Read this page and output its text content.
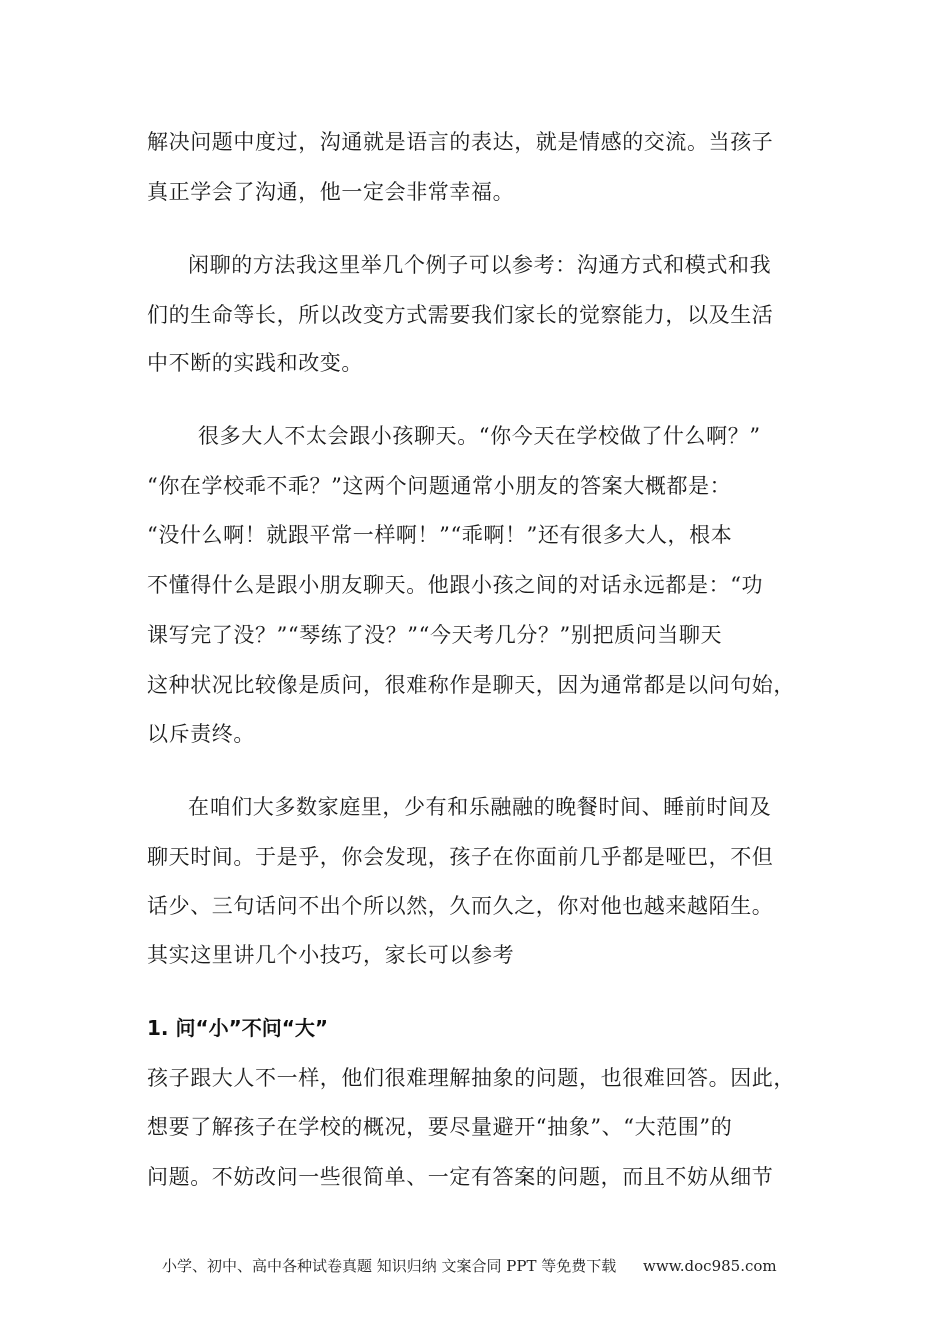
解决问题中度过，沟通就是语言的表达，就是情感的交流。当孩子
真正学会了沟通，他一定会非常幸福。
闲聊的方法我这里举几个例子可以参考：沟通方式和模式和我
们的生命等长，所以改变方式需要我们家长的觉察能力，以及生活
中不断的实践和改变。
很多大人不太会跟小孩聊天。“你今天在学校做了什么啊？”
“你在学校乖不乖？”这两个问题通常小朋友的答案大概都是：
“没什么啊！就跟平常一样啊！”“乖啊！”还有很多大人，根本
不懂得什么是跟小朋友聊天。他跟小孩之间的对话永远都是：“功
课写完了没？”“琴练了没？”“今天考几分？”别把质问当聊天
这种状况比较像是质问，很难称作是聊天，因为通常都是以问句始，
以斥责终。
在咱们大多数家庭里，少有和乐融融的晚餐时间、睡前时间及
聊天时间。于是乎，你会发现，孩子在你面前几乎都是哑巴，不但
话少、三句话问不出个所以然，久而久之，你对他也越来越陌生。
其实这里讲几个小技巧，家长可以参考
1. 问“小”不问“大”
孩子跟大人不一样，他们很难理解抽象的问题，也很难回答。因此，
想要了解孩子在学校的概况，要尽量避开“抽象”、“大范围”的
问题。不妨改问一些很简单、一定有答案的问题，而且不妨从细节
小学、初中、高中各种试卷真题 知识归纳 文案合同 PPT 等免费下载 www.doc985.com
